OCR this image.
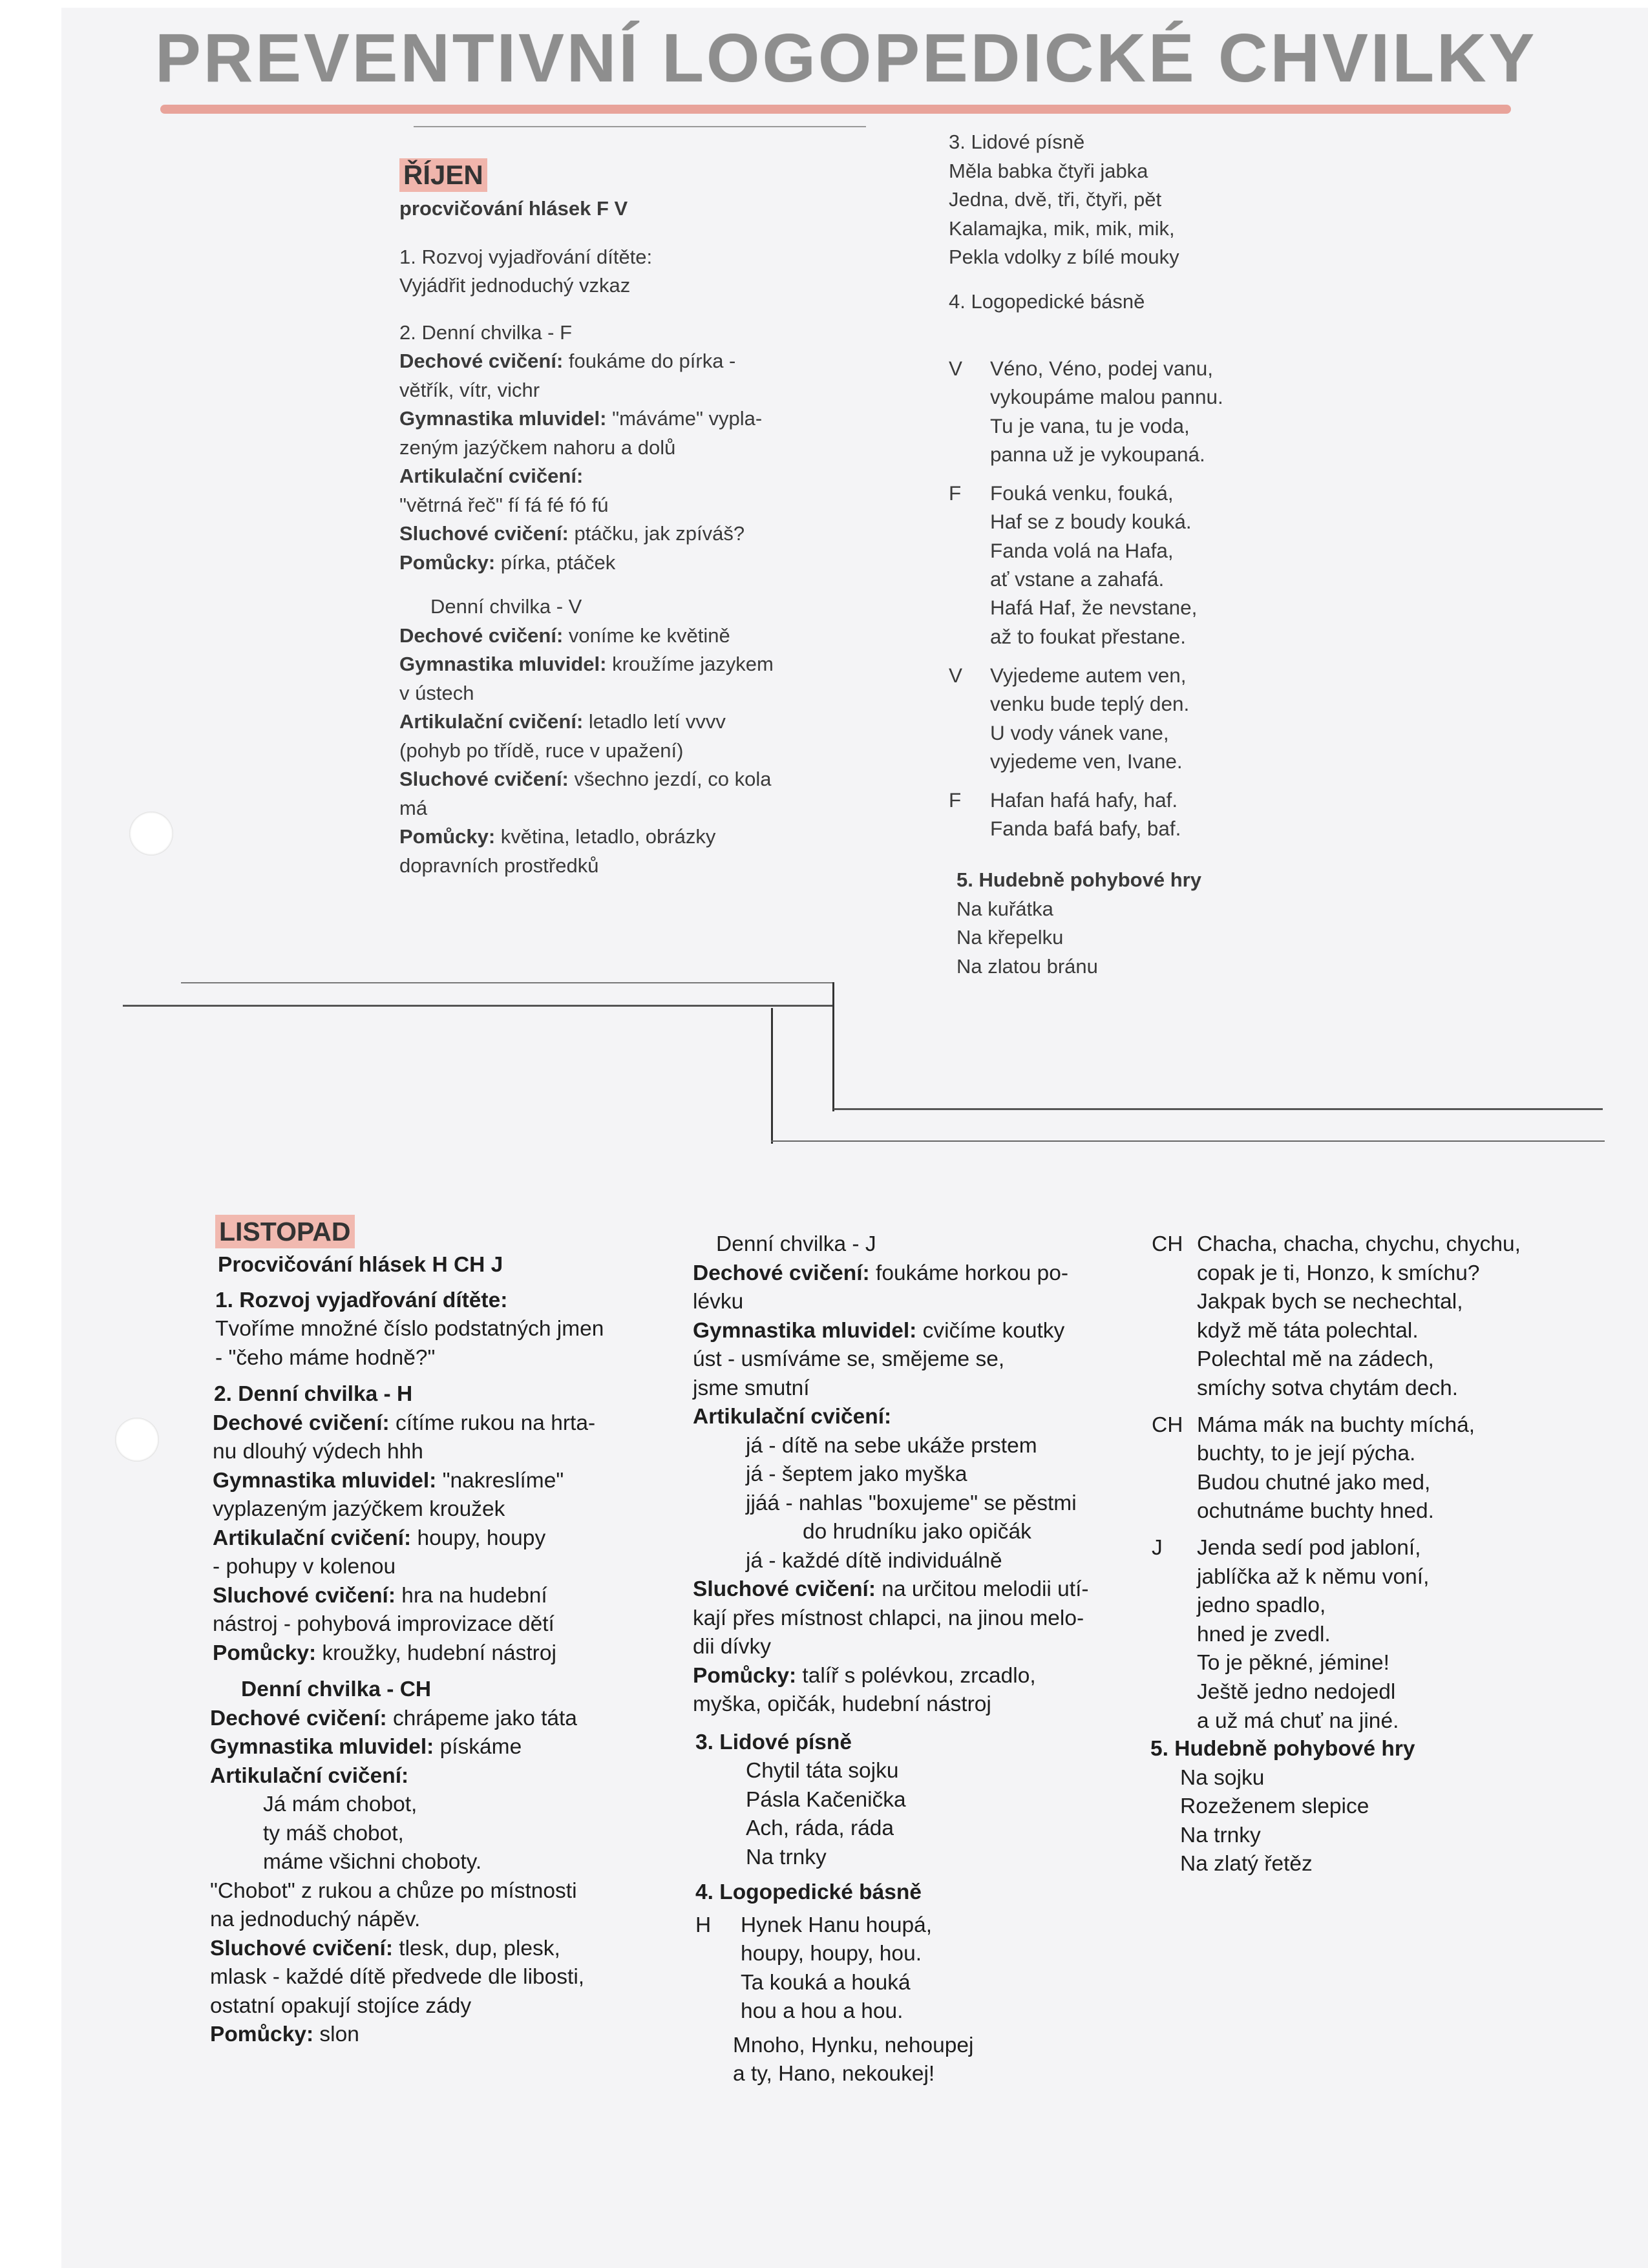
PREVENTIVNÍ LOGOPEDICKÉ CHVILKY
ŘÍJEN
procvičování hlásek F V
1. Rozvoj vyjadřování dítěte:
Vyjádřit jednoduchý vzkaz
2. Denní chvilka - F
Dechové cvičení: foukáme do pírka -
větřík, vítr, vichr
Gymnastika mluvidel: "máváme" vypla-
zeným jazýčkem nahoru a dolů
Artikulační cvičení:
"větrná řeč" fí fá fé fó fú
Sluchové cvičení: ptáčku, jak zpíváš?
Pomůcky: pírka, ptáček
Denní chvilka - V
Dechové cvičení: voníme ke květině
Gymnastika mluvidel: kroužíme jazykem
v ústech
Artikulační cvičení: letadlo letí vvvv
(pohyb po třídě, ruce v upažení)
Sluchové cvičení: všechno jezdí, co kola
má
Pomůcky: květina, letadlo, obrázky
dopravních prostředků
3. Lidové písně
Měla babka čtyři jabka
Jedna, dvě, tři, čtyři, pět
Kalamajka, mik, mik, mik,
Pekla vdolky z bílé mouky
4. Logopedické básně
V Véno, Véno, podej vanu,
vykoupáme malou pannu.
Tu je vana, tu je voda,
panna už je vykoupaná.
F Fouká venku, fouká,
Haf se z boudy kouká.
Fanda volá na Hafa,
ať vstane a zahafá.
Hafá Haf, že nevstane,
až to foukat přestane.
V Vyjedeme autem ven,
venku bude teplý den.
U vody vánek vane,
vyjedeme ven, Ivane.
F Hafan hafá hafy, haf.
Fanda bafá bafy, baf.
5. Hudebně pohybové hry
Na kuřátka
Na křepelku
Na zlatou bránu
LISTOPAD
Procvičování hlásek H CH J
1. Rozvoj vyjadřování dítěte:
Tvoříme množné číslo podstatných jmen
- "čeho máme hodně?"
2. Denní chvilka - H
Dechové cvičení: cítíme rukou na hrta-
nu dlouhý výdech hhh
Gymnastika mluvidel: "nakreslíme"
vyplazeným jazýčkem kroužek
Artikulační cvičení: houpy, houpy
- pohupy v kolenou
Sluchové cvičení: hra na hudební
nástroj - pohybová improvizace dětí
Pomůcky: kroužky, hudební nástroj
Denní chvilka - CH
Dechové cvičení: chrápeme jako táta
Gymnastika mluvidel: pískáme
Artikulační cvičení:
Já mám chobot,
ty máš chobot,
máme všichni choboty.
"Chobot" z rukou a chůze po místnosti
na jednoduchý nápěv.
Sluchové cvičení: tlesk, dup, plesk,
mlask - každé dítě předvede dle libosti,
ostatní opakují stojíce zády
Pomůcky: slon
Denní chvilka - J
Dechové cvičení: foukáme horkou po-
lévku
Gymnastika mluvidel: cvičíme koutky
úst - usmíváme se, smějeme se,
jsme smutní
Artikulační cvičení:
já - dítě na sebe ukáže prstem
já - šeptem jako myška
jjáá - nahlas "boxujeme" se pěstmi
do hrudníku jako opičák
já - každé dítě individuálně
Sluchové cvičení: na určitou melodii utí-
kají přes místnost chlapci, na jinou melo-
dii dívky
Pomůcky: talíř s polévkou, zrcadlo,
myška, opičák, hudební nástroj
3. Lidové písně
Chytil táta sojku
Pásla Kačenička
Ach, ráda, ráda
Na trnky
4. Logopedické básně
H Hynek Hanu houpá,
houpy, houpy, hou.
Ta kouká a houká
hou a hou a hou.
Mnoho, Hynku, nehoupej
a ty, Hano, nekoukej!
CH Chacha, chacha, chychu, chychu,
copak je ti, Honzo, k smíchu?
Jakpak bych se nechechtal,
když mě táta polechtal.
Polechtal mě na zádech,
smíchy sotva chytám dech.
CH Máma mák na buchty míchá,
buchty, to je její pýcha.
Budou chutné jako med,
ochutnáme buchty hned.
J Jenda sedí pod jabloní,
jablíčka až k němu voní,
jedno spadlo,
hned je zvedl.
To je pěkné, jémine!
Ještě jedno nedojedl
a už má chuť na jiné.
5. Hudebně pohybové hry
Na sojku
Rozeženem slepice
Na trnky
Na zlatý řetěz
